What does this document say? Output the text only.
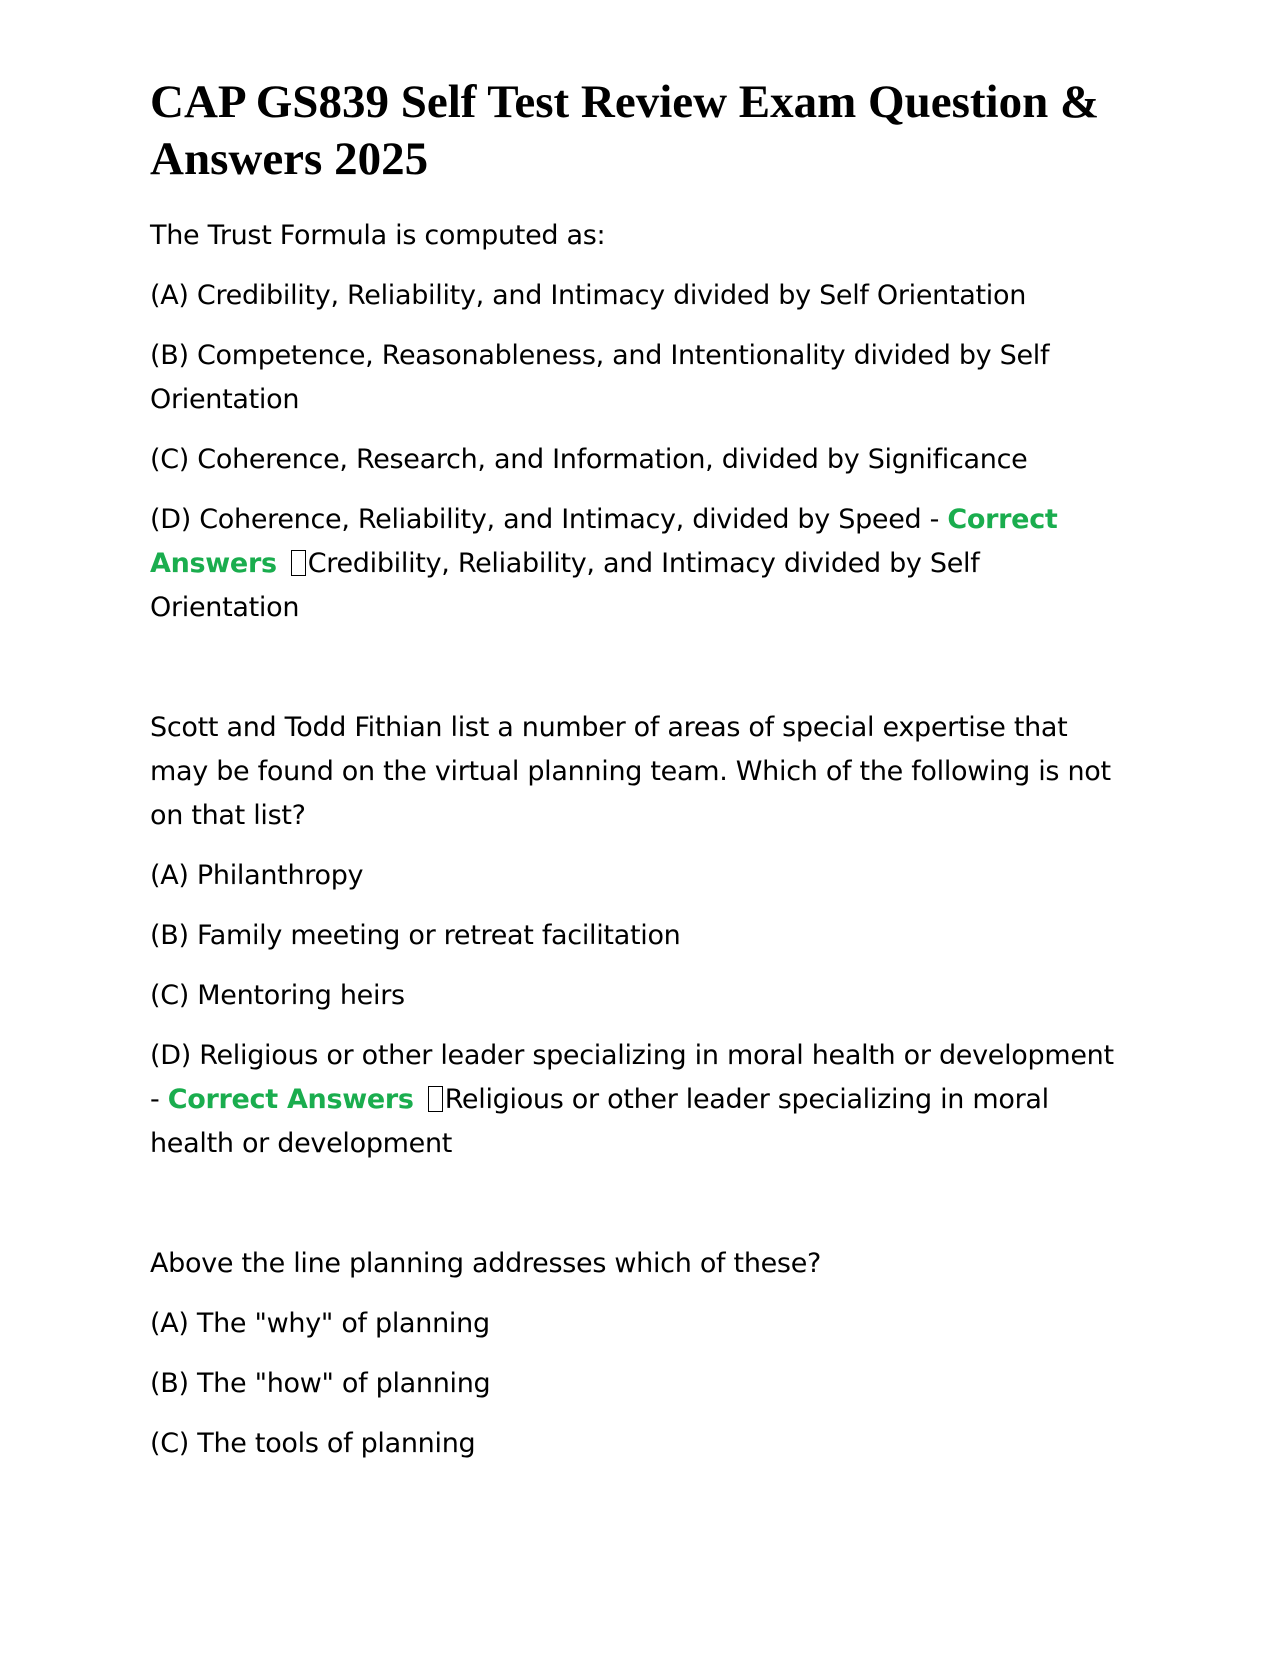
CAP GS839 Self Test Review Exam Question & Answers 2025

The Trust Formula is computed as:

(A) Credibility, Reliability, and Intimacy divided by Self Orientation

(B) Competence, Reasonableness, and Intentionality divided by Self Orientation

(C) Coherence, Research, and Information, divided by Significance

(D) Coherence, Reliability, and Intimacy, divided by Speed - Correct Answers Credibility, Reliability, and Intimacy divided by Self Orientation

Scott and Todd Fithian list a number of areas of special expertise that may be found on the virtual planning team. Which of the following is not on that list?

(A) Philanthropy

(B) Family meeting or retreat facilitation

(C) Mentoring heirs

(D) Religious or other leader specializing in moral health or development - Correct Answers Religious or other leader specializing in moral health or development

Above the line planning addresses which of these?

(A) The "why" of planning

(B) The "how" of planning

(C) The tools of planning
